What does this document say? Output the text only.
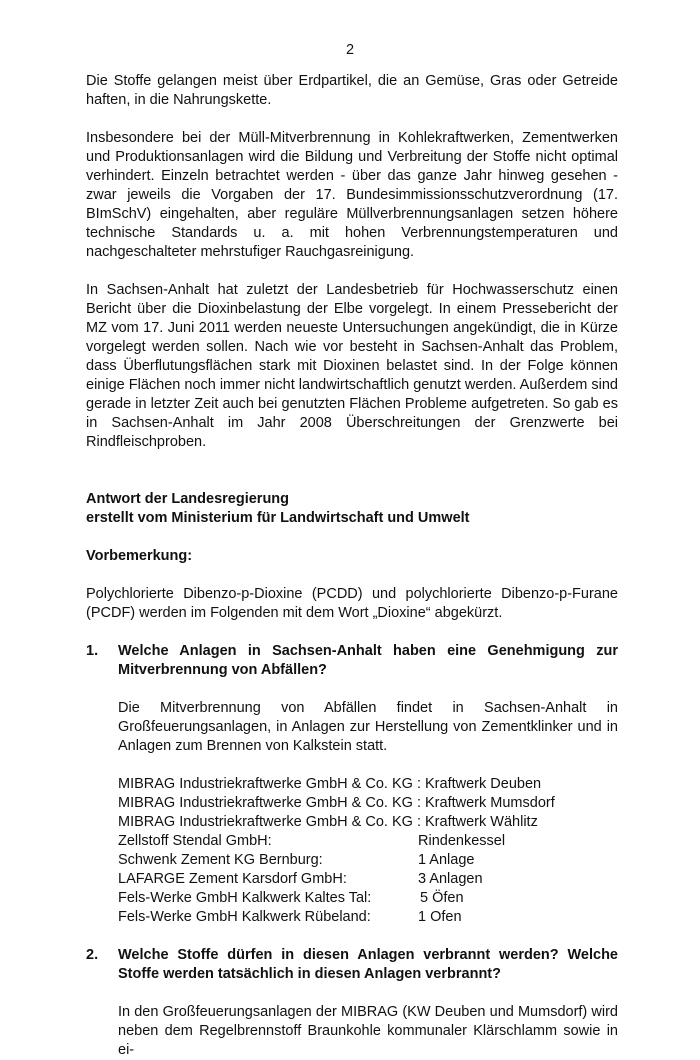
2

Die Stoffe gelangen meist über Erdpartikel, die an Gemüse, Gras oder Getreide haften, in die Nahrungskette.

Insbesondere bei der Müll-Mitverbrennung in Kohlekraftwerken, Zementwerken und Produktionsanlagen wird die Bildung und Verbreitung der Stoffe nicht optimal verhindert. Einzeln betrachtet werden - über das ganze Jahr hinweg gesehen - zwar jeweils die Vorgaben der 17. Bundesimmissionsschutzverordnung (17. BImSchV) eingehalten, aber reguläre Müllverbrennungsanlagen setzen höhere technische Standards u. a. mit hohen Verbrennungstemperaturen und nachgeschalteter mehrstufiger Rauchgasreinigung.

In Sachsen-Anhalt hat zuletzt der Landesbetrieb für Hochwasserschutz einen Bericht über die Dioxinbelastung der Elbe vorgelegt. In einem Pressebericht der MZ vom 17. Juni 2011 werden neueste Untersuchungen angekündigt, die in Kürze vorgelegt werden sollen. Nach wie vor besteht in Sachsen-Anhalt das Problem, dass Überflutungsflächen stark mit Dioxinen belastet sind. In der Folge können einige Flächen noch immer nicht landwirtschaftlich genutzt werden. Außerdem sind gerade in letzter Zeit auch bei genutzten Flächen Probleme aufgetreten. So gab es in Sachsen-Anhalt im Jahr 2008 Überschreitungen der Grenzwerte bei Rindfleischproben.

Antwort der Landesregierung

erstellt vom Ministerium für Landwirtschaft und Umwelt

Vorbemerkung:

Polychlorierte Dibenzo-p-Dioxine (PCDD) und polychlorierte Dibenzo-p-Furane (PCDF) werden im Folgenden mit dem Wort „Dioxine“ abgekürzt.

1.	Welche Anlagen in Sachsen-Anhalt haben eine Genehmigung zur Mitverbrennung von Abfällen?

Die Mitverbrennung von Abfällen findet in Sachsen-Anhalt in Großfeuerungsanlagen, in Anlagen zur Herstellung von Zementklinker und in Anlagen zum Brennen von Kalkstein statt.

MIBRAG Industriekraftwerke GmbH & Co. KG : Kraftwerk Deuben
MIBRAG Industriekraftwerke GmbH & Co. KG : Kraftwerk Mumsdorf
MIBRAG Industriekraftwerke GmbH & Co. KG : Kraftwerk Wählitz
Zellstoff Stendal GmbH:	Rindenkessel
Schwenk Zement KG Bernburg:	1 Anlage
LAFARGE Zement Karsdorf GmbH:	3 Anlagen
Fels-Werke GmbH Kalkwerk Kaltes Tal:	5 Öfen
Fels-Werke GmbH Kalkwerk Rübeland:	1 Ofen
2.	Welche Stoffe dürfen in diesen Anlagen verbrannt werden? Welche Stoffe werden tatsächlich in diesen Anlagen verbrannt?

In den Großfeuerungsanlagen der MIBRAG (KW Deuben und Mumsdorf) wird neben dem Regelbrennstoff Braunkohle kommunaler Klärschlamm sowie in ei-
